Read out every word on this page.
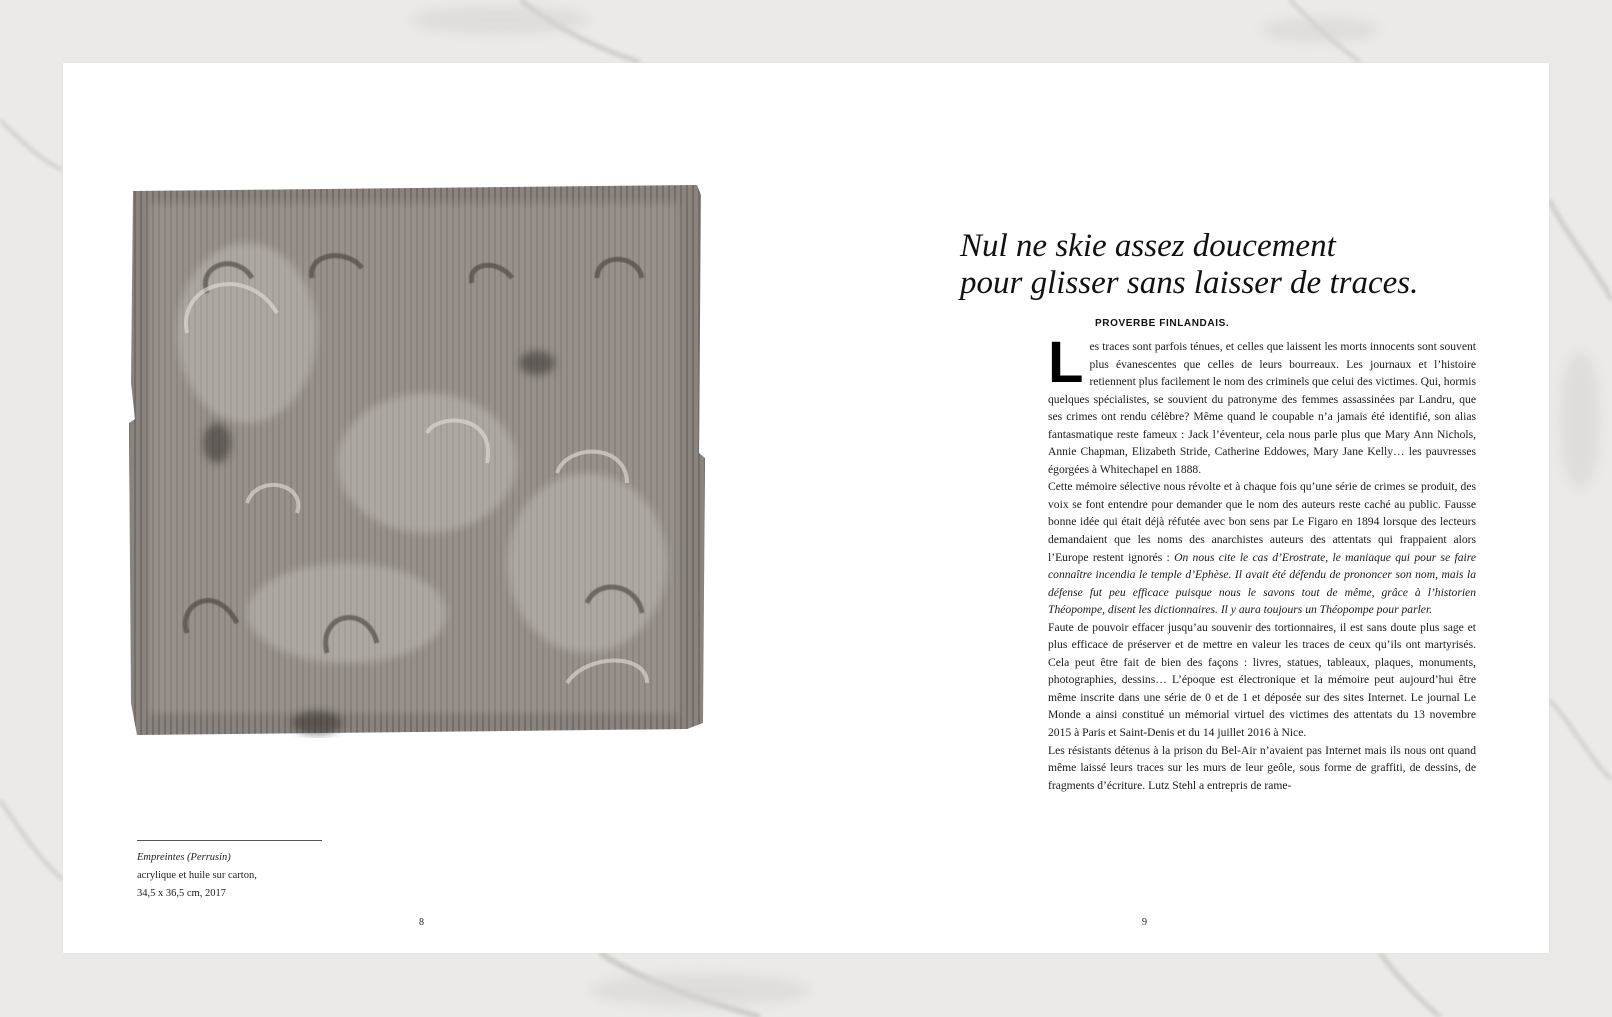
Empreintes (Perrusin)
acrylique et huile sur carton,
34,5 x 36,5 cm, 2017
8
Nul ne skie assez doucement
pour glisser sans laisser de traces.
PROVERBE FINLANDAIS.

Les traces sont parfois ténues, et celles que laissent les morts innocents sont souvent plus évanescentes que celles de leurs bourreaux. Les journaux et l’histoire retiennent plus facilement le nom des criminels que celui des victimes. Qui, hormis quelques spécialistes, se souvient du patronyme des femmes assassinées par Landru, que ses crimes ont rendu célèbre? Même quand le coupable n’a jamais été identifié, son alias fantasmatique reste fameux : Jack l’éventeur, cela nous parle plus que Mary Ann Nichols, Annie Chapman, Elizabeth Stride, Catherine Eddowes, Mary Jane Kelly… les pauvresses égorgées à Whitechapel en 1888.

Cette mémoire sélective nous révolte et à chaque fois qu’une série de crimes se produit, des voix se font entendre pour demander que le nom des auteurs reste caché au public. Fausse bonne idée qui était déjà réfutée avec bon sens par Le Figaro en 1894 lorsque des lecteurs demandaient que les noms des anarchistes auteurs des attentats qui frappaient alors l’Europe restent ignorés : On nous cite le cas d’Erostrate, le maniaque qui pour se faire connaître incendia le temple d’Ephèse. Il avait été défendu de prononcer son nom, mais la défense fut peu efficace puisque nous le savons tout de même, grâce à l’historien Théopompe, disent les dictionnaires. Il y aura toujours un Théopompe pour parler.

Faute de pouvoir effacer jusqu’au souvenir des tortionnaires, il est sans doute plus sage et plus efficace de préserver et de mettre en valeur les traces de ceux qu’ils ont martyrisés. Cela peut être fait de bien des façons : livres, statues, tableaux, plaques, monuments, photographies, dessins… L’époque est électronique et la mémoire peut aujourd’hui être même inscrite dans une série de 0 et de 1 et déposée sur des sites Internet. Le journal Le Monde a ainsi constitué un mémorial virtuel des victimes des attentats du 13 novembre 2015 à Paris et Saint-Denis et du 14 juillet 2016 à Nice.

Les résistants détenus à la prison du Bel-Air n’avaient pas Internet mais ils nous ont quand même laissé leurs traces sur les murs de leur geôle, sous forme de graffiti, de dessins, de fragments d’écriture. Lutz Stehl a entrepris de rame-

9
